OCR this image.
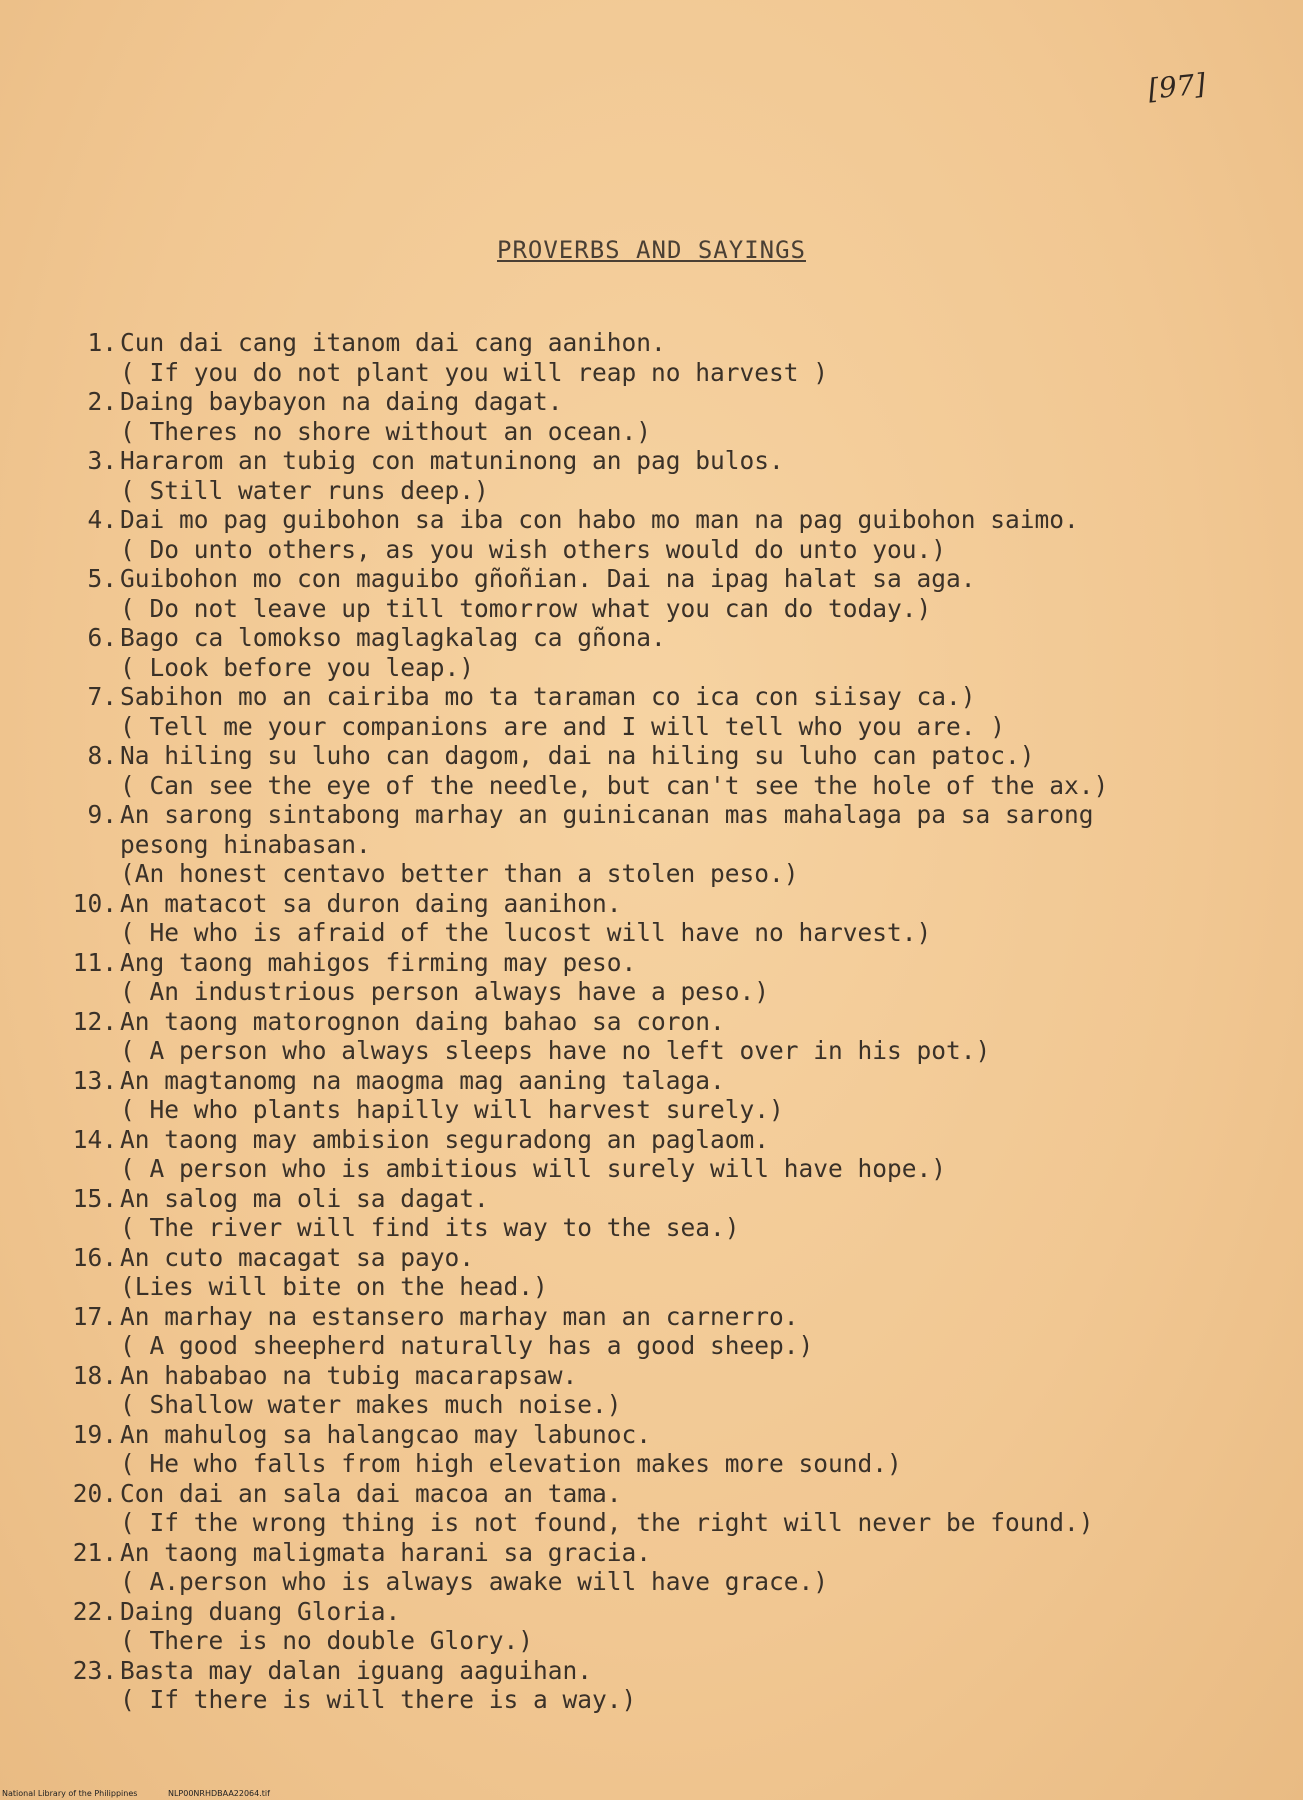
[97]
PROVERBS AND SAYINGS
1. Cun dai cang itanom dai cang aanihon.
( If you do not plant you will reap no harvest )
2. Daing baybayon na daing dagat.
( Theres no shore without an ocean.)
3. Hararom an tubig con matuninong an pag bulos.
( Still water runs deep.)
4. Dai mo pag guibohon sa iba con habo mo man na pag guibohon saimo.
( Do unto others, as you wish others would do unto you.)
5. Guibohon mo con maguibo gñoñian. Dai na ipag halat sa aga.
( Do not leave up till tomorrow what you can do today.)
6. Bago ca lomokso maglagkalag ca gñona.
( Look before you leap.)
7. Sabihon mo an cairiba mo ta taraman co ica con siisay ca.)
( Tell me your companions are and I will tell who you are. )
8. Na hiling su luho can dagom, dai na hiling su luho can patoc.)
( Can see the eye of the needle, but can't see the hole of the ax.)
9. An sarong sintabong marhay an guinicanan mas mahalaga pa sa sarong
pesong hinabasan.
(An honest centavo better than a stolen peso.)
10. An matacot sa duron daing aanihon.
( He who is afraid of the lucost will have no harvest.)
11. Ang taong mahigos firming may peso.
( An industrious person always have a peso.)
12. An taong matorognon daing bahao sa coron.
( A person who always sleeps have no left over in his pot.)
13. An magtanomg na maogma mag aaning talaga.
( He who plants hapilly will harvest surely.)
14. An taong may ambision seguradong an paglaom.
( A person who is ambitious will surely will have hope.)
15. An salog ma oli sa dagat.
( The river will find its way to the sea.)
16. An cuto macagat sa payo.
(Lies will bite on the head.)
17. An marhay na estansero marhay man an carnerro.
( A good sheepherd naturally has a good sheep.)
18. An hababao na tubig macarapsaw.
( Shallow water makes much noise.)
19. An mahulog sa halangcao may labunoc.
( He who falls from high elevation makes more sound.)
20. Con dai an sala dai macoa an tama.
( If the wrong thing is not found, the right will never be found.)
21. An taong maligmata harani sa gracia.
( A.person who is always awake will have grace.)
22. Daing duang Gloria.
( There is no double Glory.)
23. Basta may dalan iguang aaguihan.
( If there is will there is a way.)
National Library of the Philippines	NLP00NRHDBAA22064.tif
